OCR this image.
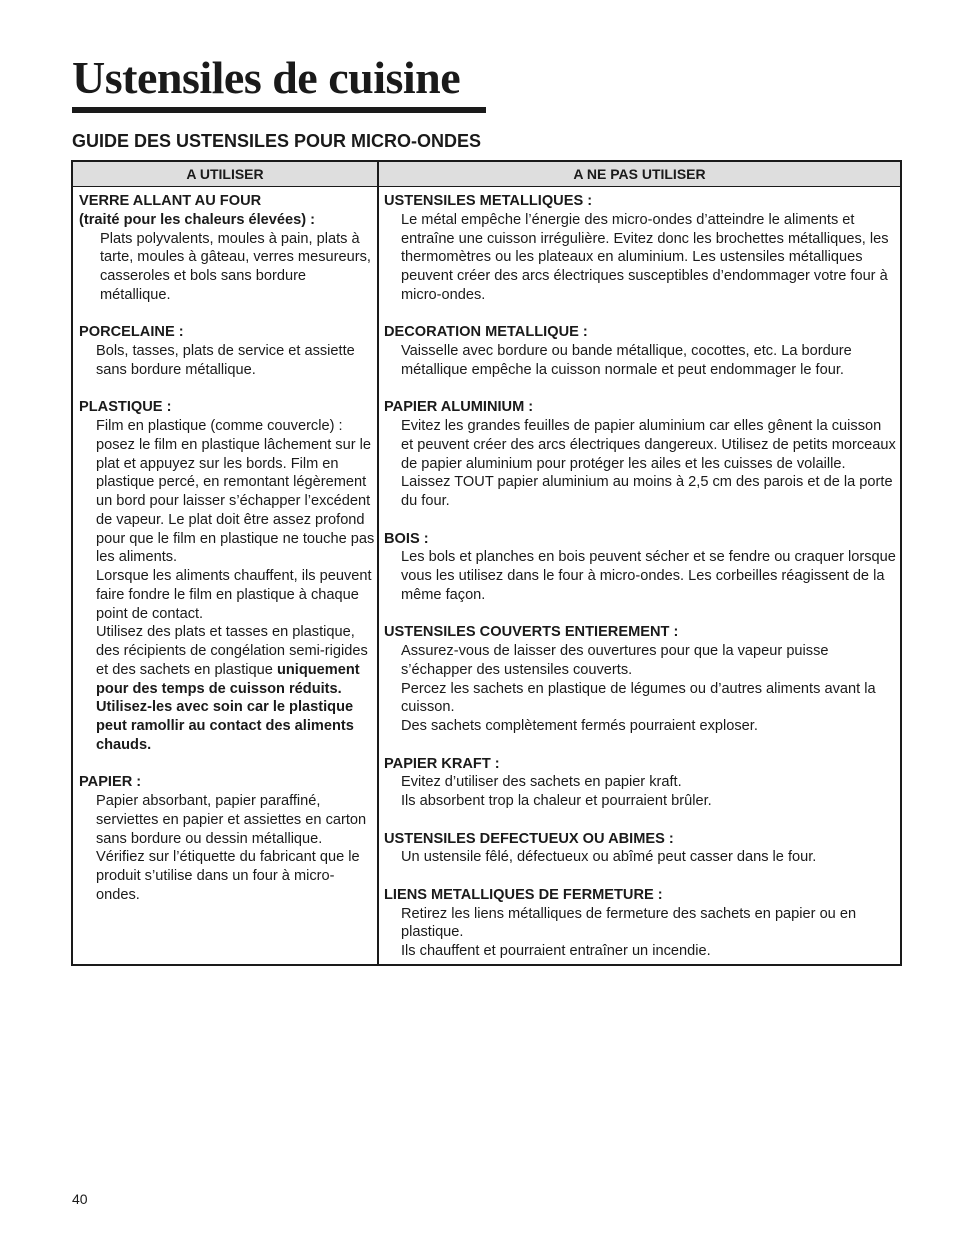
Ustensiles de cuisine
GUIDE DES USTENSILES POUR MICRO-ONDES
A UTILISER	A NE PAS UTILISER
VERRE ALLANT AU FOUR
(traité pour les chaleurs élevées) :

Plats polyvalents, moules à pain, plats à tarte, moules à gâteau, verres mesureurs, casseroles et bols sans bordure métallique.

PORCELAINE :

Bols, tasses, plats de service et assiette sans bordure métallique.

PLASTIQUE :

Film en plastique (comme couvercle) : posez le film en plastique lâchement sur le plat et appuyez sur les bords. Film en plastique percé, en remontant légèrement un bord pour laisser s’échapper l’excédent de vapeur. Le plat doit être assez profond pour que le film en plastique ne touche pas les aliments.

Lorsque les aliments chauffent, ils peuvent faire fondre le film en plastique à chaque point de contact.

Utilisez des plats et tasses en plastique, des récipients de congélation semi-rigides et des sachets en plastique uniquement pour des temps de cuisson réduits. Utilisez-les avec soin car le plastique peut ramollir au contact des aliments chauds.

PAPIER :

Papier absorbant, papier paraffiné, serviettes en papier et assiettes en carton sans bordure ou dessin métallique. Vérifiez sur l’étiquette du fabricant que le produit s’utilise dans un four à micro-ondes.

USTENSILES METALLIQUES :

Le métal empêche l’énergie des micro-ondes d’atteindre le aliments et entraîne une cuisson irrégulière. Evitez donc les brochettes métalliques, les thermomètres ou les plateaux en aluminium. Les ustensiles métalliques peuvent créer des arcs électriques susceptibles d’endommager votre four à micro-ondes.

DECORATION METALLIQUE :

Vaisselle avec bordure ou bande métallique, cocottes, etc. La bordure métallique empêche la cuisson normale et peut endommager le four.

PAPIER ALUMINIUM :

Evitez les grandes feuilles de papier aluminium car elles gênent la cuisson et peuvent créer des arcs électriques dangereux. Utilisez de petits morceaux de papier aluminium pour protéger les ailes et les cuisses de volaille. Laissez TOUT papier aluminium au moins à 2,5 cm des parois et de la porte du four.

BOIS :

Les bols et planches en bois peuvent sécher et se fendre ou craquer lorsque vous les utilisez dans le four à micro-ondes. Les corbeilles réagissent de la même façon.

USTENSILES COUVERTS ENTIEREMENT :

Assurez-vous de laisser des ouvertures pour que la vapeur puisse s’échapper des ustensiles couverts.

Percez les sachets en plastique de légumes ou d’autres aliments avant la cuisson.

Des sachets complètement fermés pourraient exploser.

PAPIER KRAFT :

Evitez d’utiliser des sachets en papier kraft.

Ils absorbent trop la chaleur et pourraient brûler.

USTENSILES DEFECTUEUX OU ABIMES :

Un ustensile fêlé, défectueux ou abîmé peut casser dans le four.

LIENS METALLIQUES DE FERMETURE :

Retirez les liens métalliques de fermeture des sachets en papier ou en plastique.

Ils chauffent et pourraient entraîner un incendie.

40
